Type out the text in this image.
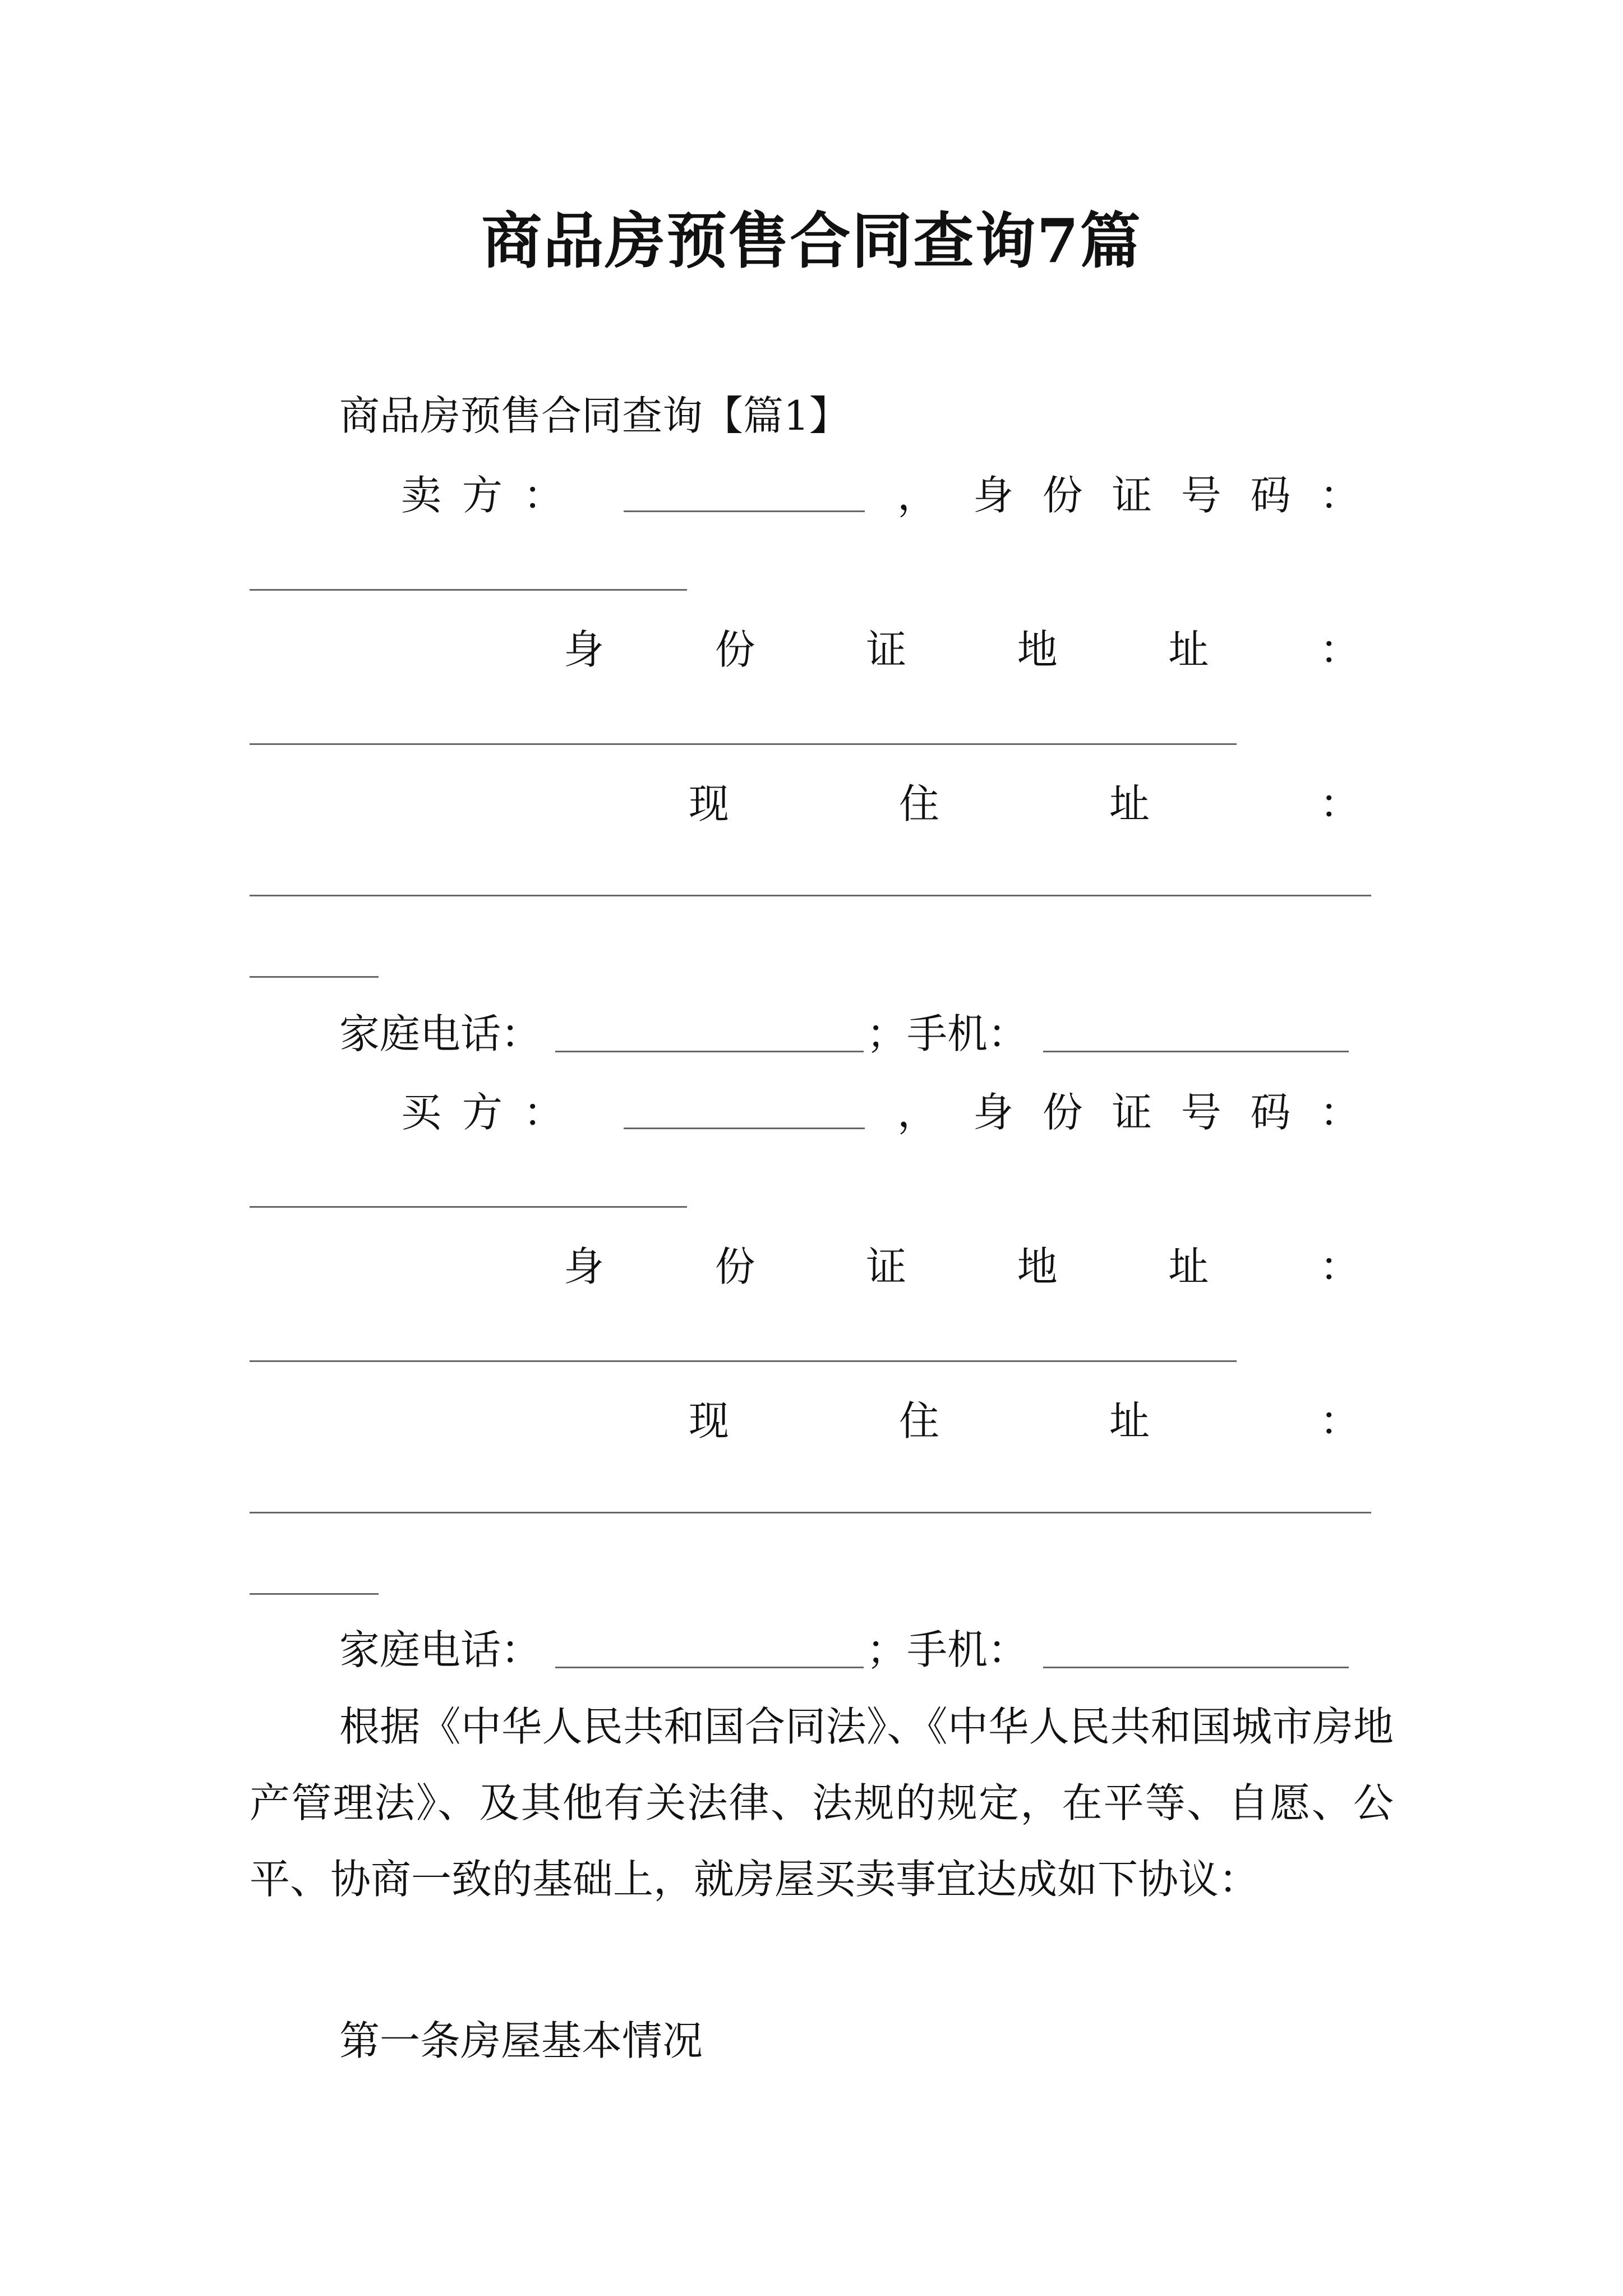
商品房预售合同查询7篇
商品房预售合同查询【篇1】
卖 方 ：	， 身 份 证 号 码 ：
身	份	证	地	址	：
现	住	址	：
家庭电话：	；手机：
买 方 ：	， 身 份 证 号 码 ：
身	份	证	地	址	：
现	住	址	：
家庭电话：	；手机：
根据《中华人民共和国合同法》、《中华人民共和国城市房地产管理法》、及其他有关法律、法规的规定，在平等、自愿、公平、协商一致的基础上，就房屋买卖事宜达成如下协议：
第一条房屋基本情况
